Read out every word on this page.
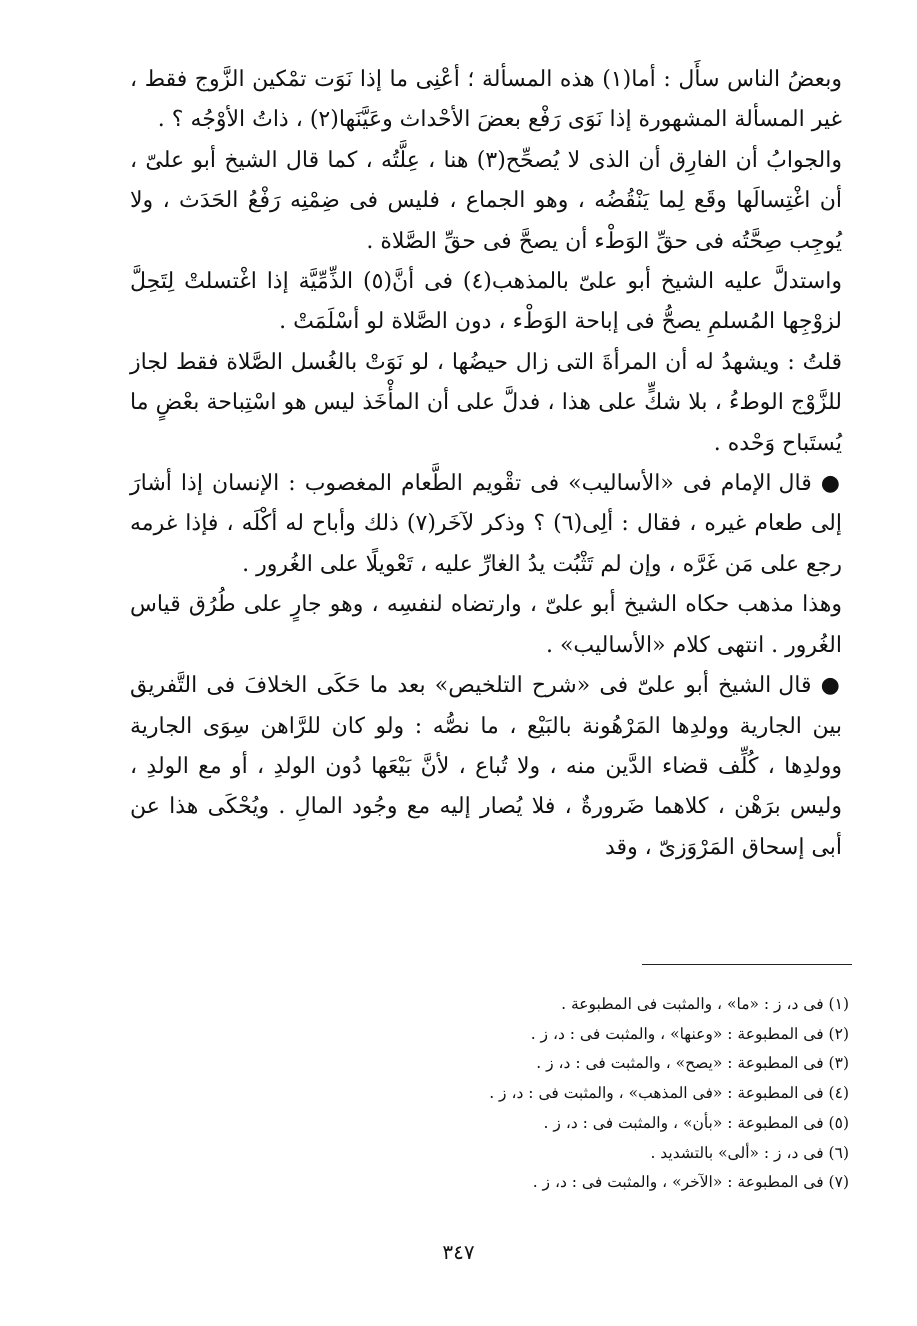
وبعضُ الناس سأَل : أما(١) هذه المسألة ؛ أعْنِى ما إذا نَوَت تمْكين الزَّوج فقط ، غير المسألة المشهورة إذا نَوَى رَفْع بعضَ الأحْداث وعَيَّنَها(٢) ، ذاتُ الأوْجُه ؟ .

والجوابُ أن الفارِق أن الذى لا يُصحِّح(٣) هنا ، عِلَّتُه ، كما قال الشيخ أبو علىّ ، أن اغْتِسالَها وقَع لِما يَنْقُضُه ، وهو الجماع ، فليس فى ضِمْنِه رَفْعُ الحَدَث ، ولا يُوجِب صِحَّتُه فى حقِّ الوَطْء أن يصحَّ فى حقِّ الصَّلاة .

واستدلَّ عليه الشيخ أبو علىّ بالمذهب(٤) فى أنَّ(٥) الذِّمِّيَّة إذا اغْتسلتْ لِتَحِلَّ لزوْجِها المُسلمِ يصحُّ فى إباحة الوَطْء ، دون الصَّلاة لو أسْلَمَتْ .

قلتُ : ويشهدُ له أن المرأةَ التى زال حيضُها ، لو نَوَتْ بالغُسل الصَّلاة فقط لجاز للزَّوْج الوطءُ ، بلا شكٍّ على هذا ، فدلَّ على أن المأْخَذ ليس هو اسْتِباحة بعْضٍ ما يُستَباح وَحْده .

● قال الإمام فى «الأساليب» فى تقْويم الطَّعام المغصوب : الإنسان إذا أشارَ إلى طعام غيره ، فقال : ألِى(٦) ؟ وذكر لآخَر(٧) ذلك وأباح له أكْلَه ، فإذا غرمه رجع على مَن غَرَّه ، وإن لم تَثْبُت يدُ الغارِّ عليه ، تَعْويلًا على الغُرور .

وهذا مذهب حكاه الشيخ أبو علىّ ، وارتضاه لنفسِه ، وهو جارٍ على طُرُق قياس الغُرور . انتهى كلام «الأساليب» .

● قال الشيخ أبو علىّ فى «شرح التلخيص» بعد ما حَكَى الخلافَ فى التَّفريق بين الجارية وولدِها المَرْهُونة بالبَيْع ، ما نصُّه : ولو كان للرَّاهن سِوَى الجارية وولدِها ، كُلِّف قضاء الدَّين منه ، ولا تُباع ، لأنَّ بَيْعَها دُون الولدِ ، أو مع الولدِ ، وليس برَهْن ، كلاهما ضَرورةٌ ، فلا يُصار إليه مع وجُود المالِ . ويُحْكَى هذا عن أبى إسحاق المَرْوَزىّ ، وقد

(١) فى د، ز : «ما» ، والمثبت فى المطبوعة .

(٢) فى المطبوعة : «وعنها» ، والمثبت فى : د، ز .

(٣) فى المطبوعة : «يصح» ، والمثبت فى : د، ز .

(٤) فى المطبوعة : «فى المذهب» ، والمثبت فى : د، ز .

(٥) فى المطبوعة : «بأن» ، والمثبت فى : د، ز .

(٦) فى د، ز : «ألى» بالتشديد .

(٧) فى المطبوعة : «الآخر» ، والمثبت فى : د، ز .

٣٤٧
